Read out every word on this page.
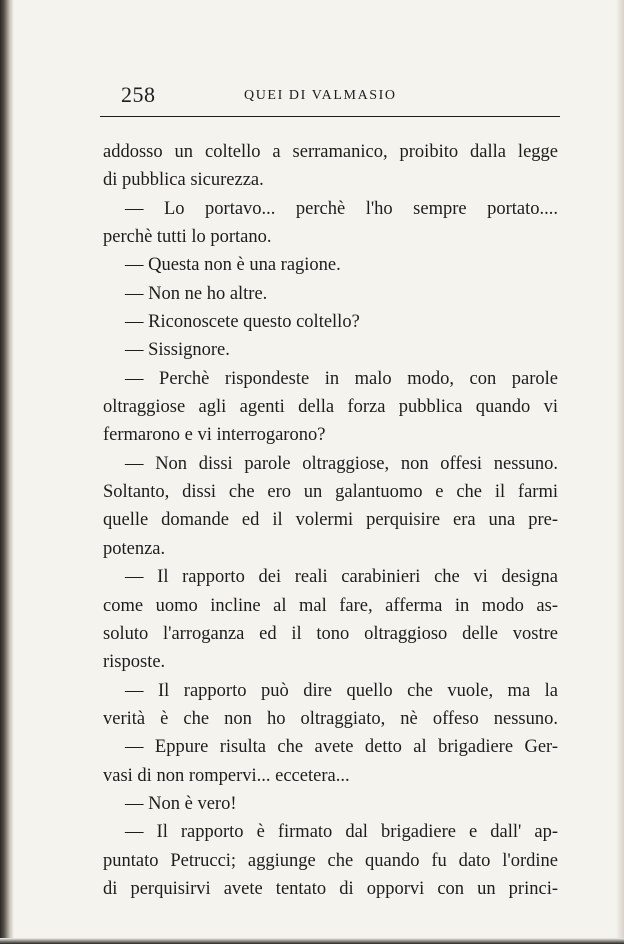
258	QUEI DI VALMASIO
addosso un coltello a serramanico, proibito dalla legge
di pubblica sicurezza.
— Lo portavo... perchè l'ho sempre portato....
perchè tutti lo portano.
— Questa non è una ragione.
— Non ne ho altre.
— Riconoscete questo coltello?
— Sissignore.
— Perchè rispondeste in malo modo, con parole
oltraggiose agli agenti della forza pubblica quando vi
fermarono e vi interrogarono?
— Non dissi parole oltraggiose, non offesi nessuno.
Soltanto, dissi che ero un galantuomo e che il farmi
quelle domande ed il volermi perquisire era una pre-
potenza.
— Il rapporto dei reali carabinieri che vi designa
come uomo incline al mal fare, afferma in modo as-
soluto l'arroganza ed il tono oltraggioso delle vostre
risposte.
— Il rapporto può dire quello che vuole, ma la
verità è che non ho oltraggiato, nè offeso nessuno.
— Eppure risulta che avete detto al brigadiere Ger-
vasi di non rompervi... eccetera...
— Non è vero!
— Il rapporto è firmato dal brigadiere e dall' ap-
puntato Petrucci; aggiunge che quando fu dato l'ordine
di perquisirvi avete tentato di opporvi con un princi-
